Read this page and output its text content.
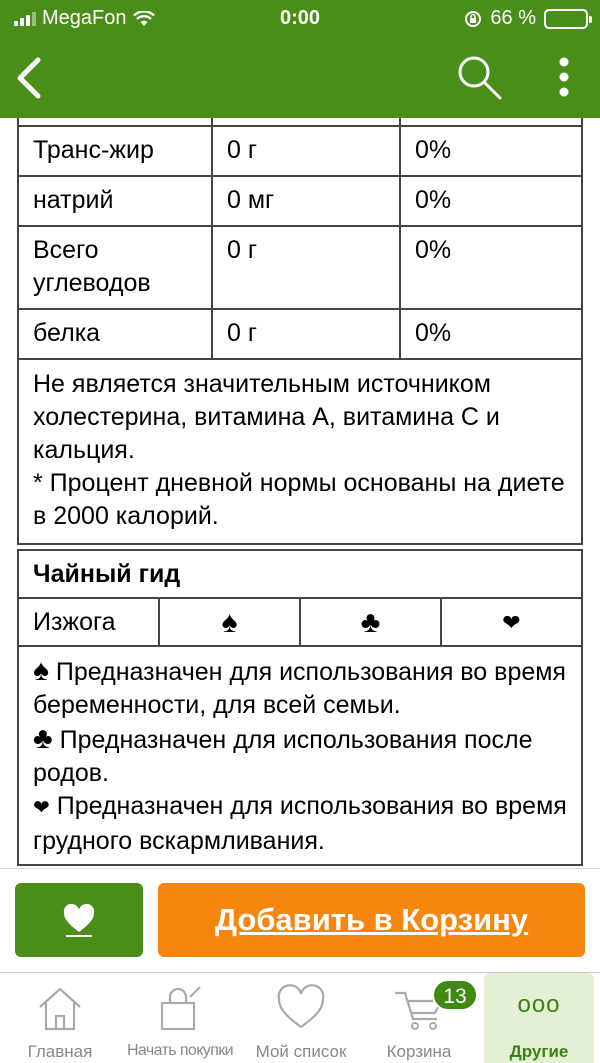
MegaFon	0:00	66 %

Транс-жир	0 г	0%
натрий	0 мг	0%
Всего углеводов	0 г	0%
белка	0 г	0%

Не является значительным источником холестерина, витамина A, витамина C и кальция.
* Процент дневной нормы основаны на диете в 2000 калорий.		
Чайный гид
Изжога	♠	♣	❤

♠ Предназначен для использования во время беременности, для всей семьи.
♣ Предназначен для использования после родов.
❤ Предназначен для использования во время грудного вскармливания.
Добавить в Корзину
Главная	Начать покупки	Мой список	Корзина
ooo
Другие
13
